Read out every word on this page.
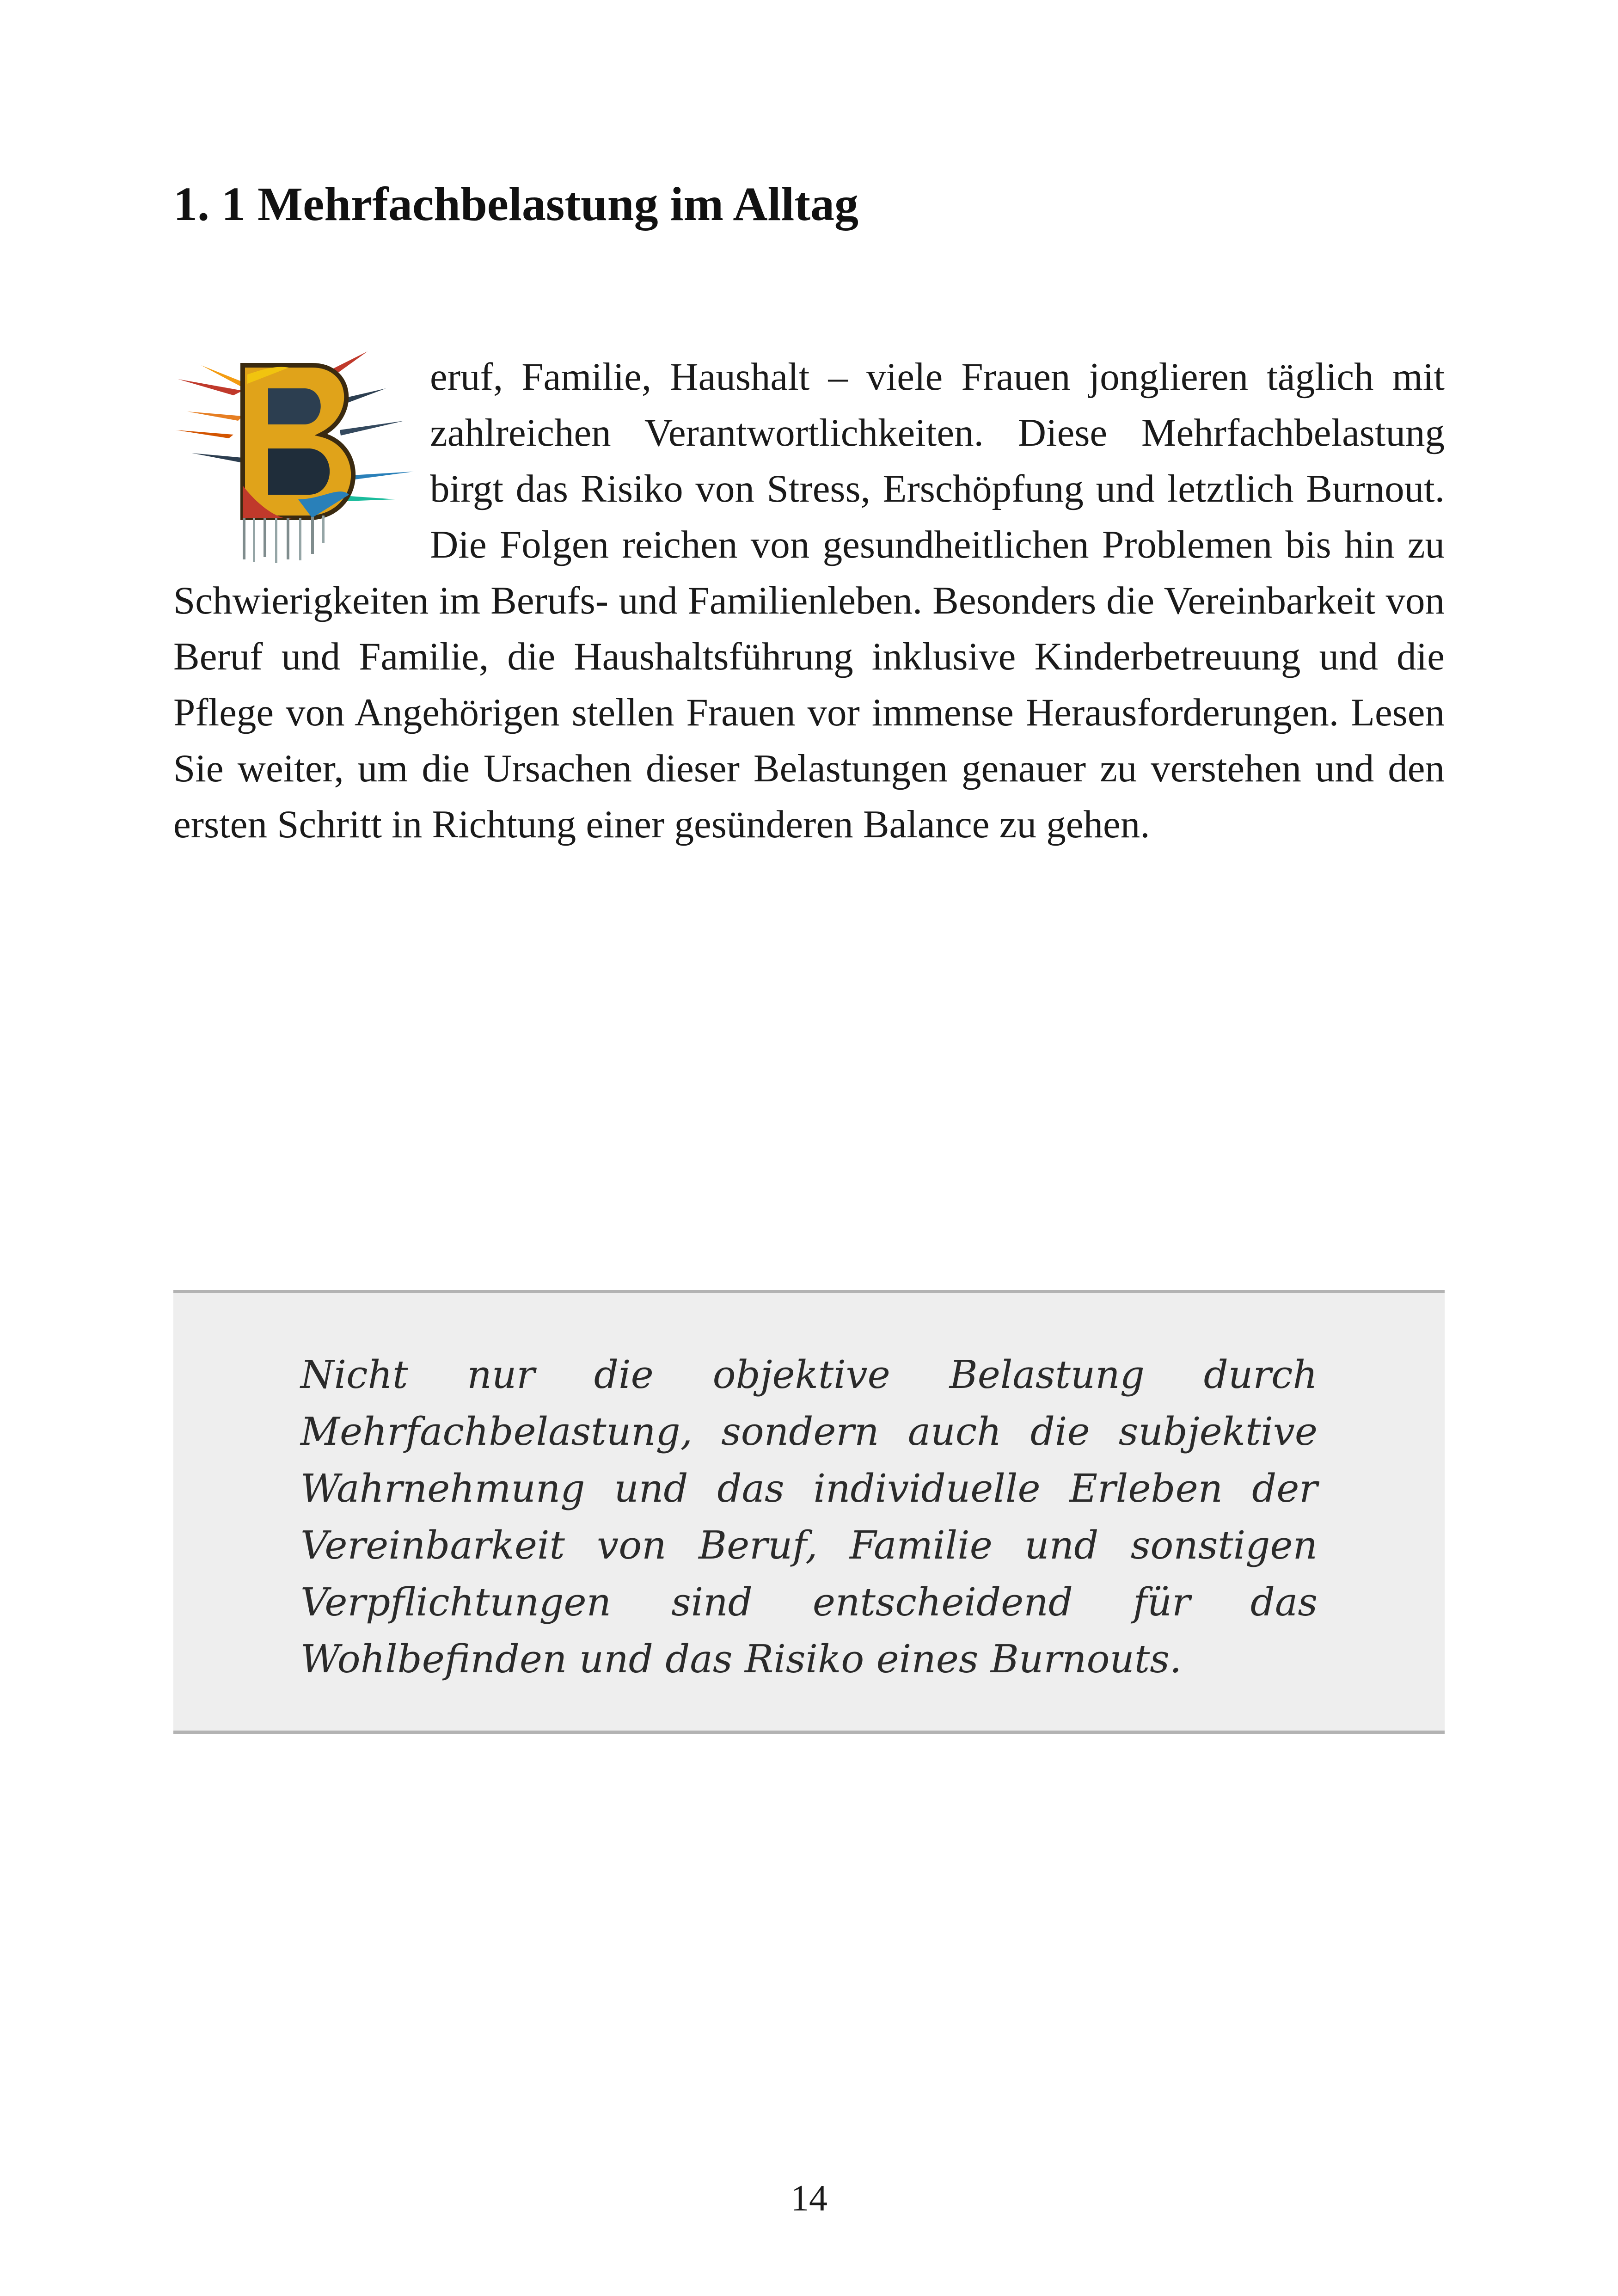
1. 1 Mehrfachbelastung im Alltag
eruf, Familie, Haushalt – viele Frauen jonglieren täglich mit zahlreichen Verantwortlichkeiten. Diese Mehrfachbelastung birgt das Risiko von Stress, Erschöpfung und letztlich Burnout. Die Folgen reichen von gesundheitlichen Problemen bis hin zu Schwierigkeiten im Berufs- und Familienleben. Besonders die Vereinbarkeit von Beruf und Familie, die Haushaltsführung inklusive Kinderbetreuung und die Pflege von Angehörigen stellen Frauen vor immense Herausforderungen. Lesen Sie weiter, um die Ursachen dieser Belastungen genauer zu verstehen und den ersten Schritt in Richtung einer gesünderen Balance zu gehen.

Nicht nur die objektive Belastung durch Mehrfachbelastung, sondern auch die subjektive Wahrnehmung und das individuelle Erleben der Vereinbarkeit von Beruf, Familie und sonstigen Verpflichtungen sind entscheidend für das Wohlbefinden und das Risiko eines Burnouts.

14
